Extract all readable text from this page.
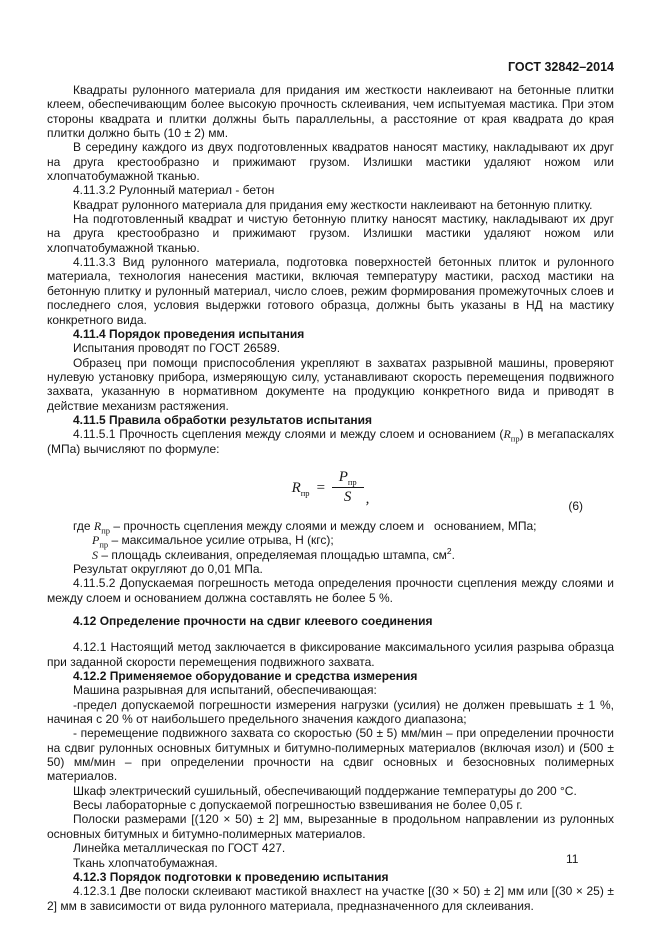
ГОСТ 32842–2014

Квадраты рулонного материала для придания им жесткости наклеивают на бетонные плитки клеем, обеспечивающим более высокую прочность склеивания, чем испытуемая мастика. При этом стороны квадрата и плитки должны быть параллельны, а расстояние от края квадрата до края плитки должно быть (10 ± 2) мм.

В середину каждого из двух подготовленных квадратов наносят мастику, накладывают их друг на друга крестообразно и прижимают грузом. Излишки мастики удаляют ножом или хлопчатобумажной тканью.

4.11.3.2 Рулонный материал - бетон

Квадрат рулонного материала для придания ему жесткости наклеивают на бетонную плитку.

На подготовленный квадрат и чистую бетонную плитку наносят мастику, накладывают их друг на друга крестообразно и прижимают грузом. Излишки мастики удаляют ножом или хлопчатобумажной тканью.

4.11.3.3 Вид рулонного материала, подготовка поверхностей бетонных плиток и рулонного материала, технология нанесения мастики, включая температуру мастики, расход мастики на бетонную плитку и рулонный материал, число слоев, режим формирования промежуточных слоев и последнего слоя, условия выдержки готового образца, должны быть указаны в НД на мастику конкретного вида.

4.11.4 Порядок проведения испытания

Испытания проводят по ГОСТ 26589.

Образец при помощи приспособления укрепляют в захватах разрывной машины, проверяют нулевую установку прибора, измеряющую силу, устанавливают скорость перемещения подвижного захвата, указанную в нормативном документе на продукцию конкретного вида и приводят в действие механизм растяжения.

4.11.5 Правила обработки результатов испытания

4.11.5.1 Прочность сцепления между слоями и между слоем и основанием $(R_{пр})$ в мегапаскалях (МПа) вычисляют по формуле:

$R_{пр} = \frac{P_{пр}}{S}$ ,	(6)

где $R_{пр}$ – прочность сцепления между слоями и между слоем и   основанием, МПа;

$P_{пр}$ – максимальное усилие отрыва, Н (кгс);

S – площадь склеивания, определяемая площадью штампа, $см^2$.

Результат округляют до 0,01 МПа.

4.11.5.2 Допускаемая погрешность метода определения прочности сцепления между слоями и между слоем и основанием должна составлять не более 5 %.

4.12 Определение прочности на сдвиг клеевого соединения

4.12.1 Настоящий метод заключается в фиксирование максимального усилия разрыва образца при заданной скорости перемещения подвижного захвата.

4.12.2 Применяемое оборудование и средства измерения

Машина разрывная для испытаний, обеспечивающая:

-предел допускаемой погрешности измерения нагрузки (усилия) не должен превышать ± 1 %, начиная с 20 % от наибольшего предельного значения каждого диапазона;

- перемещение подвижного захвата со скоростью (50 ± 5) мм/мин – при определении прочности на сдвиг рулонных основных битумных и битумно-полимерных материалов (включая изол) и (500 ± 50) мм/мин – при определении прочности на сдвиг основных и безосновных полимерных материалов.

Шкаф электрический сушильный, обеспечивающий поддержание температуры до 200 °С.

Весы лабораторные с допускаемой погрешностью взвешивания не более 0,05 г.

Полоски размерами [(120 × 50) ± 2] мм, вырезанные в продольном направлении из рулонных основных битумных и битумно-полимерных материалов.

Линейка металлическая по ГОСТ 427.

Ткань хлопчатобумажная.

4.12.3 Порядок подготовки к проведению испытания

4.12.3.1 Две полоски склеивают мастикой внахлест на участке [(30 × 50) ± 2] мм или [(30 × 25) ± 2] мм в зависимости от вида рулонного материала, предназначенного для склеивания.

11
